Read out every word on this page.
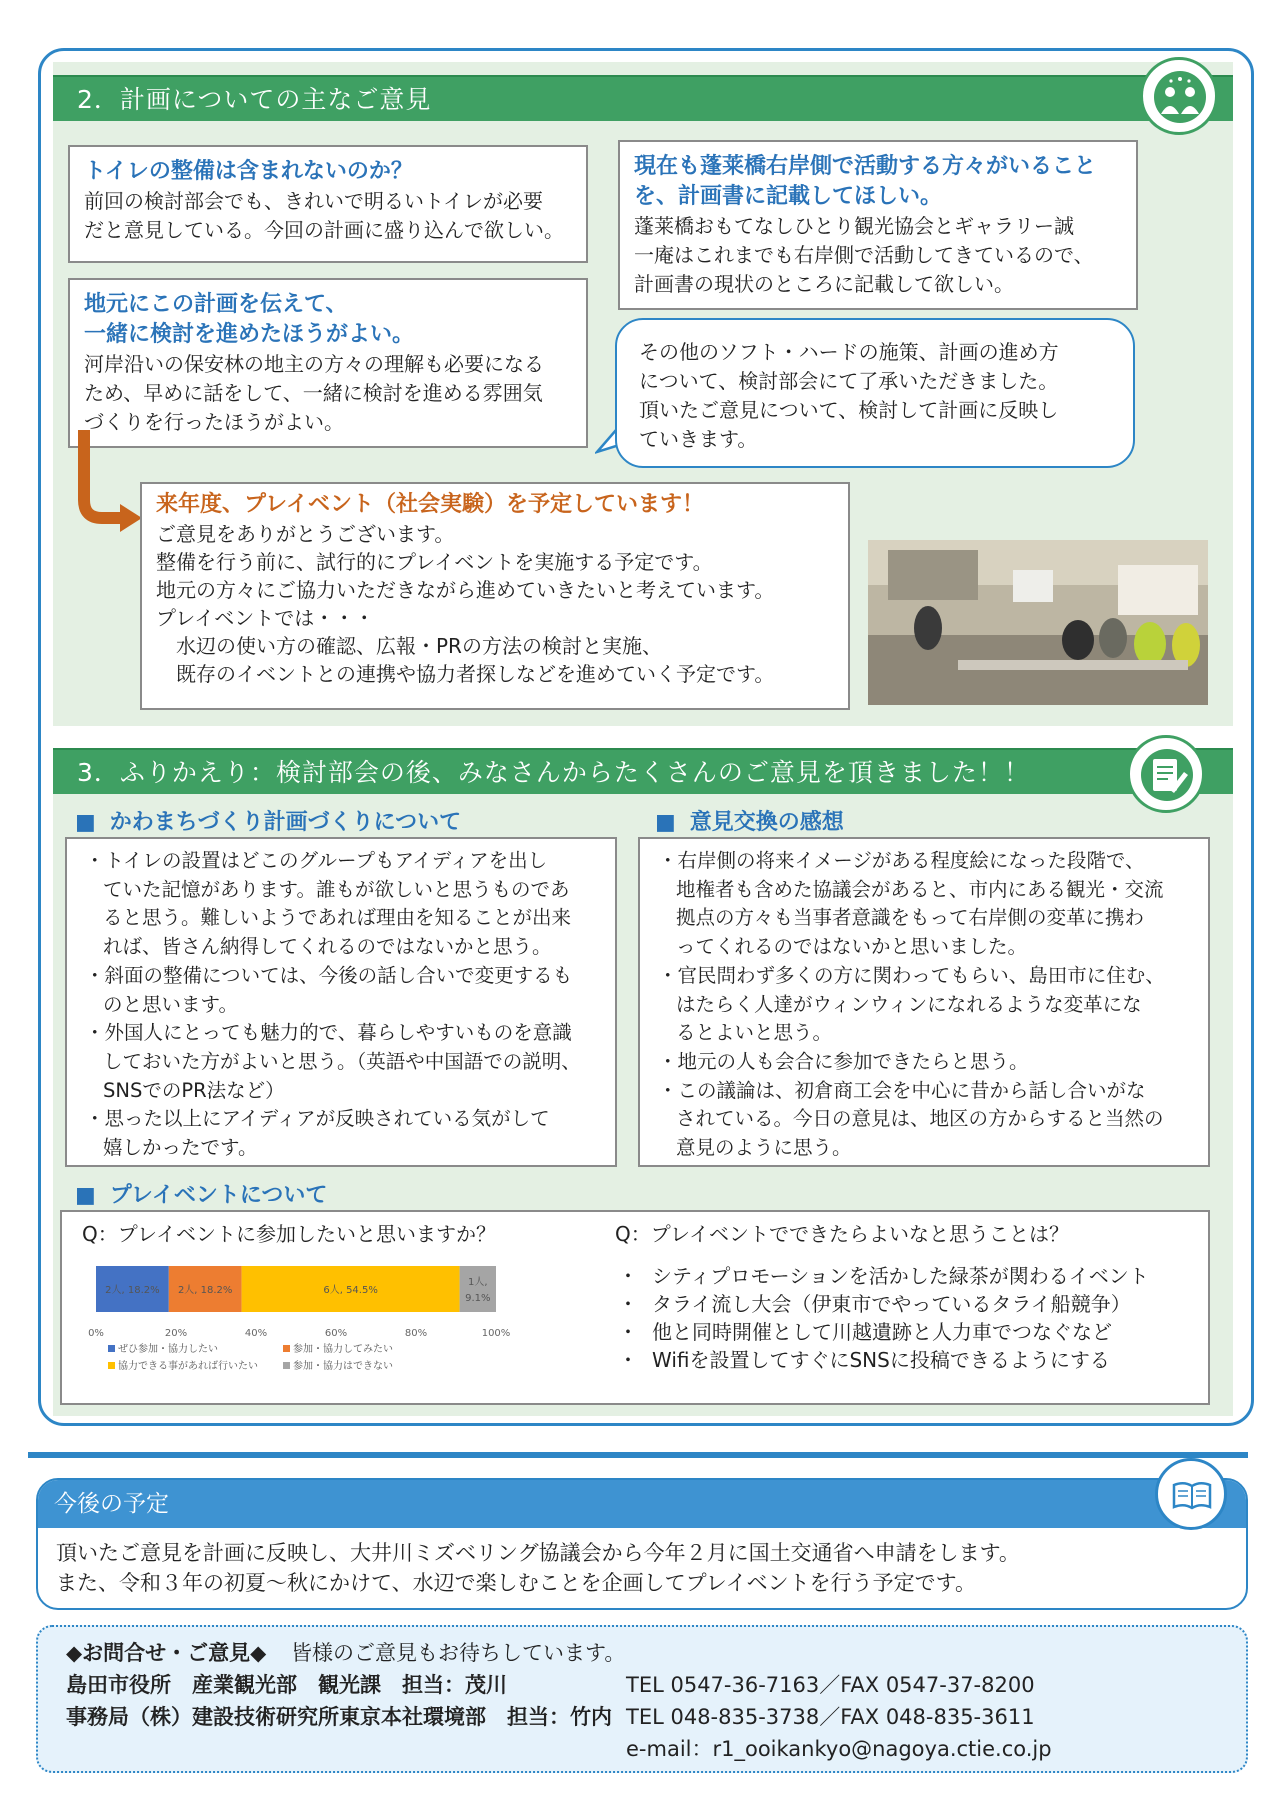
2．計画についての主なご意見
トイレの整備は含まれないのか？
前回の検討部会でも、きれいで明るいトイレが必要
だと意見している。今回の計画に盛り込んで欲しい。
地元にこの計画を伝えて、
一緒に検討を進めたほうがよい。
河岸沿いの保安林の地主の方々の理解も必要になる
ため、早めに話をして、一緒に検討を進める雰囲気
づくりを行ったほうがよい。
現在も蓬莱橋右岸側で活動する方々がいること
を、計画書に記載してほしい。
蓬莱橋おもてなしひとり観光協会とギャラリー誠
一庵はこれまでも右岸側で活動してきているので、
計画書の現状のところに記載して欲しい。
その他のソフト・ハードの施策、計画の進め方
について、検討部会にて了承いただきました。
頂いたご意見について、検討して計画に反映し
ていきます。
来年度、プレイベント（社会実験）を予定しています！
ご意見をありがとうございます。
整備を行う前に、試行的にプレイベントを実施する予定です。
地元の方々にご協力いただきながら進めていきたいと考えています。
プレイベントでは・・・
　水辺の使い方の確認、広報・PRの方法の検討と実施、
　既存のイベントとの連携や協力者探しなどを進めていく予定です。
3．ふりかえり：検討部会の後、みなさんからたくさんのご意見を頂きました！！
■ かわまちづくり計画づくりについて	■ 意見交換の感想
・トイレの設置はどこのグループもアイディアを出し
ていた記憶があります。誰もが欲しいと思うものであ
ると思う。難しいようであれば理由を知ることが出来
れば、皆さん納得してくれるのではないかと思う。
・斜面の整備については、今後の話し合いで変更するも
のと思います。
・外国人にとっても魅力的で、暮らしやすいものを意識
しておいた方がよいと思う。（英語や中国語での説明、
SNSでのPR法など）
・思った以上にアイディアが反映されている気がして
嬉しかったです。
・右岸側の将来イメージがある程度絵になった段階で、
地権者も含めた協議会があると、市内にある観光・交流
拠点の方々も当事者意識をもって右岸側の変革に携わ
ってくれるのではないかと思いました。
・官民問わず多くの方に関わってもらい、島田市に住む、
はたらく人達がウィンウィンになれるような変革にな
るとよいと思う。
・地元の人も会合に参加できたらと思う。
・この議論は、初倉商工会を中心に昔から話し合いがな
されている。今日の意見は、地区の方からすると当然の
意見のように思う。
■ プレイベントについて
Q：プレイベントに参加したいと思いますか？	Q：プレイベントでできたらよいなと思うことは？
2人, 18.2% 2人, 18.2%	6人, 54.5%
1人,
9.1%
0%	20%	40%	60%	80%	100%
ぜひ参加・協力したい	参加・協力してみたい
協力できる事があれば行いたい	参加・協力はできない
・ シティプロモーションを活かした緑茶が関わるイベント
・ タライ流し大会（伊東市でやっているタライ船競争）
・ 他と同時開催として川越遺跡と人力車でつなぐなど
・ Wifiを設置してすぐにSNSに投稿できるようにする
今後の予定
頂いたご意見を計画に反映し、大井川ミズベリング協議会から今年２月に国土交通省へ申請をします。
また、令和３年の初夏～秋にかけて、水辺で楽しむことを企画してプレイベントを行う予定です。
◆お問合せ・ご意見◆ 皆様のご意見もお待ちしています。
島田市役所　産業観光部　観光課　担当：茂川	TEL 0547-36-7163／FAX 0547-37-8200
事務局（株）建設技術研究所東京本社環境部　担当：竹内 TEL 048-835-3738／FAX 048-835-3611
e-mail：r1_ooikankyo@nagoya.ctie.co.jp
